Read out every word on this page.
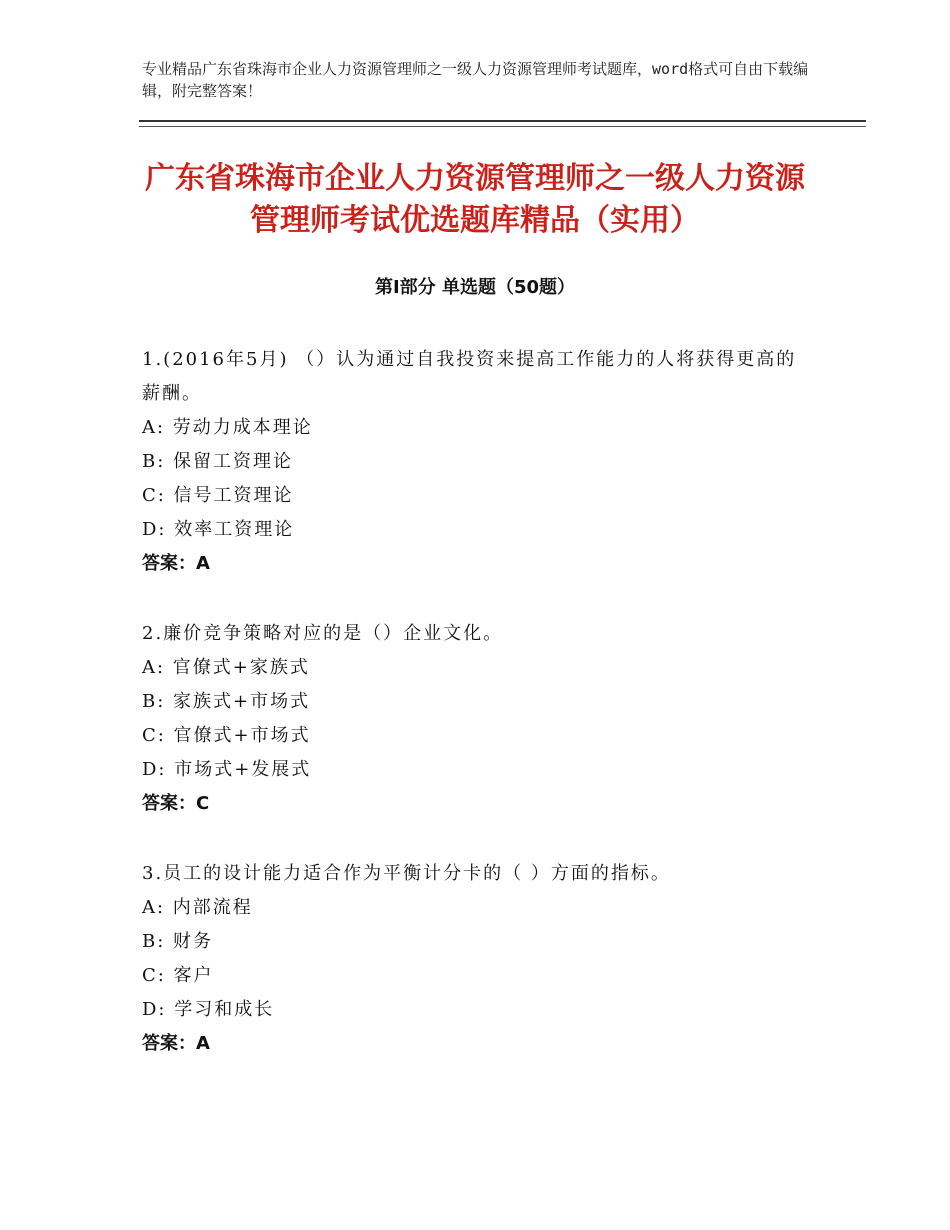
专业精品广东省珠海市企业人力资源管理师之一级人力资源管理师考试题库，word格式可自由下载编辑，附完整答案！
广东省珠海市企业人力资源管理师之一级人力资源管理师考试优选题库精品（实用）
第Ⅰ部分 单选题（50题）
1.(2016年5月) （）认为通过自我投资来提高工作能力的人将获得更高的薪酬。
A: 劳动力成本理论
B: 保留工资理论
C: 信号工资理论
D: 效率工资理论
答案：A
2.廉价竞争策略对应的是（）企业文化。
A: 官僚式+家族式
B: 家族式+市场式
C: 官僚式+市场式
D: 市场式+发展式
答案：C
3.员工的设计能力适合作为平衡计分卡的（ ）方面的指标。
A: 内部流程
B: 财务
C: 客户
D: 学习和成长
答案：A
